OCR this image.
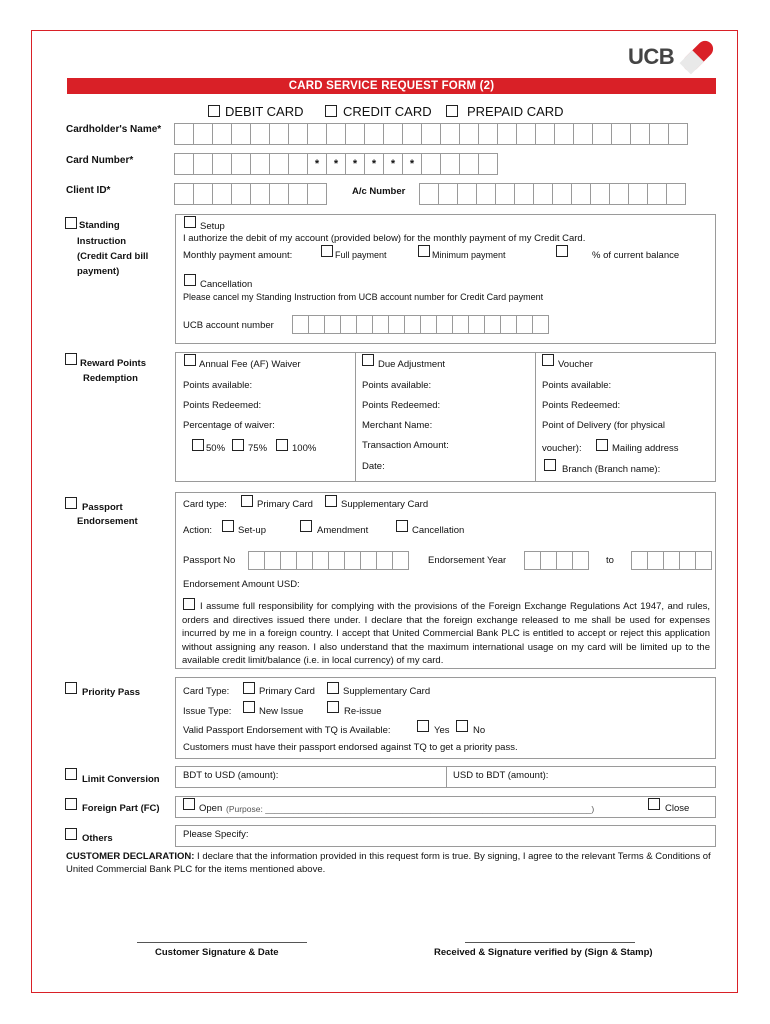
UCB
CARD SERVICE REQUEST FORM (2)
DEBIT CARD	CREDIT CARD	PREPAID CARD
Cardholder's Name*
Card Number*	*	*	*	*	*	*
Client ID*	A/c Number
Standing
Instruction
(Credit Card bill
payment)
Setup
I authorize the debit of my account (provided below) for the monthly payment of my Credit Card.
Monthly payment amount:	Full payment	Minimum payment	% of current balance
Cancellation
Please cancel my Standing Instruction from UCB account number for Credit Card payment
UCB account number
Reward Points
Redemption
Annual Fee (AF) Waiver
Points available:
Points Redeemed:
Percentage of waiver:
50% 75%	100%
Due Adjustment
Points available:
Points Redeemed:
Merchant Name:
Transaction Amount:
Date:
Voucher
Points available:
Points Redeemed:
Point of Delivery (for physical
voucher):	Mailing address
Branch (Branch name):
Passport
Endorsement
Card type:	Primary Card	Supplementary Card
Action:	Set-up	Amendment	Cancellation
Passport No	Endorsement Year	to
Endorsement Amount USD:
I assume full responsibility for complying with the provisions of the Foreign Exchange Regulations Act 1947, and rules, orders and directives issued there under. I declare that the foreign exchange released to me shall be used for expenses incurred by me in a foreign country. I accept that United Commercial Bank PLC is entitled to accept or reject this application without assigning any reason. I also understand that the maximum international usage on my card will be limited up to the available credit limit/balance (i.e. in local currency) of my card.
Priority Pass	Card Type:	Primary Card	Supplementary Card
Issue Type:	New Issue	Re-issue
Valid Passport Endorsement with TQ is Available:	Yes No
Customers must have their passport endorsed against TQ to get a priority pass.
Limit Conversion BDT to USD (amount):	USD to BDT (amount):
Foreign Part (FC)	Open (Purpose: _____________________________________________________________________)	Close
Others	Please Specify:
CUSTOMER DECLARATION: I declare that the information provided in this request form is true. By signing, I agree to the relevant Terms & Conditions of United Commercial Bank PLC for the items mentioned above.
Customer Signature & Date	Received & Signature verified by (Sign & Stamp)
